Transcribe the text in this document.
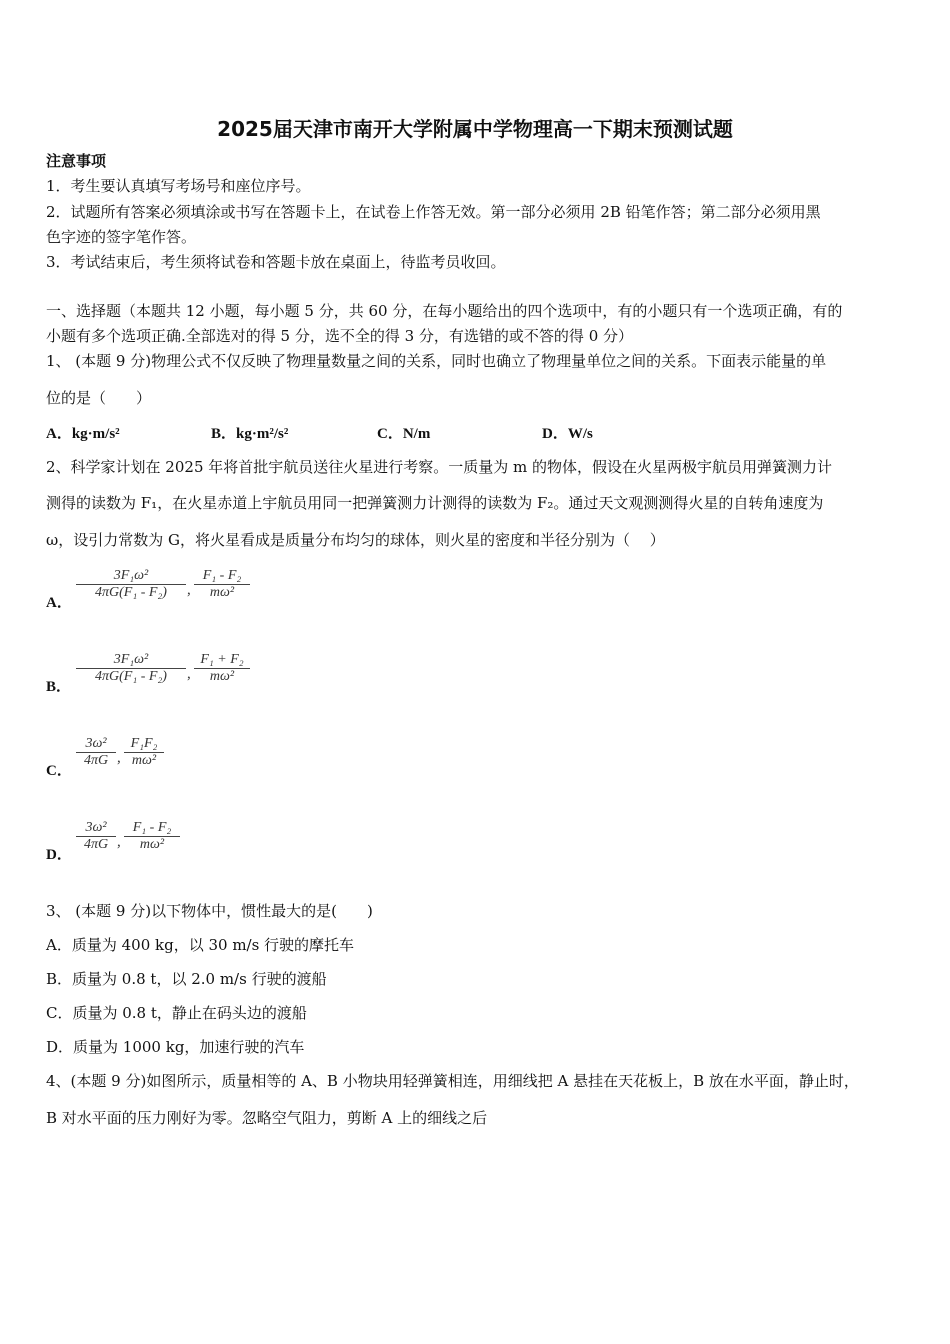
2025届天津市南开大学附属中学物理高一下期末预测试题
注意事项
1．考生要认真填写考场号和座位序号。
2．试题所有答案必须填涂或书写在答题卡上，在试卷上作答无效。第一部分必须用 2B 铅笔作答；第二部分必须用黑
色字迹的签字笔作答。
3．考试结束后，考生须将试卷和答题卡放在桌面上，待监考员收回。
一、选择题（本题共 12 小题，每小题 5 分，共 60 分，在每小题给出的四个选项中，有的小题只有一个选项正确，有的
小题有多个选项正确.全部选对的得 5 分，选不全的得 3 分，有选错的或不答的得 0 分）
1、 (本题 9 分)物理公式不仅反映了物理量数量之间的关系，同时也确立了物理量单位之间的关系。下面表示能量的单
位的是（　　）
A．kg·m/s²	B．kg·m²/s²	C．N/m	D．W/s
2、科学家计划在 2025 年将首批宇航员送往火星进行考察。一质量为 m 的物体，假设在火星两极宇航员用弹簧测力计
测得的读数为 F₁，在火星赤道上宇航员用同一把弹簧测力计测得的读数为 F₂。通过天文观测测得火星的自转角速度为
ω，设引力常数为 G，将火星看成是质量分布均匀的球体，则火星的密度和半径分别为（　 ）
A．
$\frac{\text{3F₁ω²}}{\text{4πG(F₁ - F₂)}}$ , $\frac{\text{F₁ - F₂}}{\text{mω²}}$
B．
$\frac{\text{3F₁ω²}}{\text{4πG(F₁ - F₂)}}$ , $\frac{\text{F₁ + F₂}}{\text{mω²}}$
C．
$\frac{\text{3ω²}}{4\pi G}$ , $\frac{\text{F₁F₂}}{\text{mω²}}$
D．
$\frac{\text{3ω²}}{4\pi G}$ , $\frac{\text{F₁ - F₂}}{\text{mω²}}$
3、 (本题 9 分)以下物体中，惯性最大的是(　　)
A．质量为 400 kg，以 30 m/s 行驶的摩托车
B．质量为 0.8 t，以 2.0 m/s 行驶的渡船
C．质量为 0.8 t，静止在码头边的渡船
D．质量为 1000 kg，加速行驶的汽车
4、(本题 9 分)如图所示，质量相等的 A、B 小物块用轻弹簧相连，用细线把 A 悬挂在天花板上，B 放在水平面，静止时，
B 对水平面的压力刚好为零。忽略空气阻力，剪断 A 上的细线之后
